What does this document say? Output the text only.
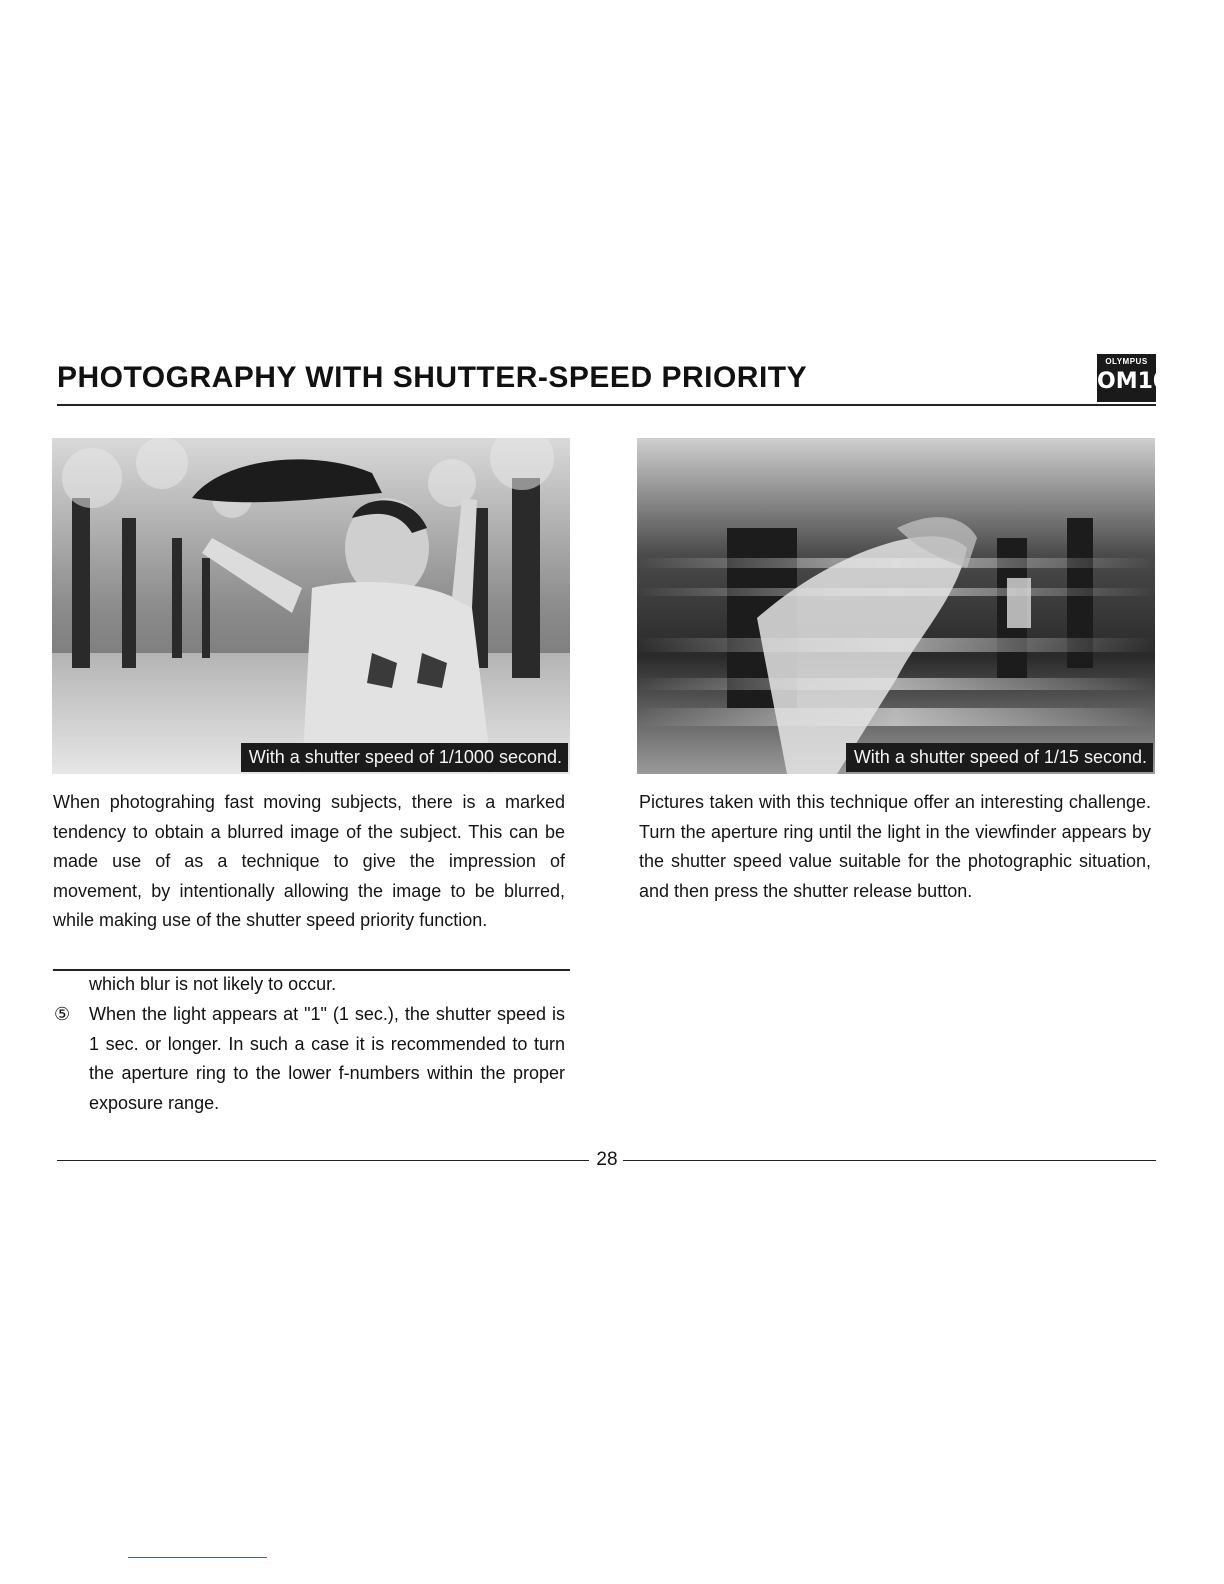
PHOTOGRAPHY WITH SHUTTER-SPEED PRIORITY	OLYMPUS
OM10
With a shutter speed of 1/1000 second.	With a shutter speed of 1/15 second.

When photograhing fast moving subjects, there is a marked tendency to obtain a blurred image of the subject. This can be made use of as a technique to give the impression of movement, by intentionally allowing the image to be blurred, while making use of the shutter speed priority function.

Pictures taken with this technique offer an interesting challenge. Turn the aperture ring until the light in the viewfinder appears by the shutter speed value suitable for the photographic situation, and then press the shutter release button.

which blur is not likely to occur.

⑤ When the light appears at "1" (1 sec.), the shutter speed is 1 sec. or longer. In such a case it is recommended to turn the aperture ring to the lower f-numbers within the proper exposure range.

28
